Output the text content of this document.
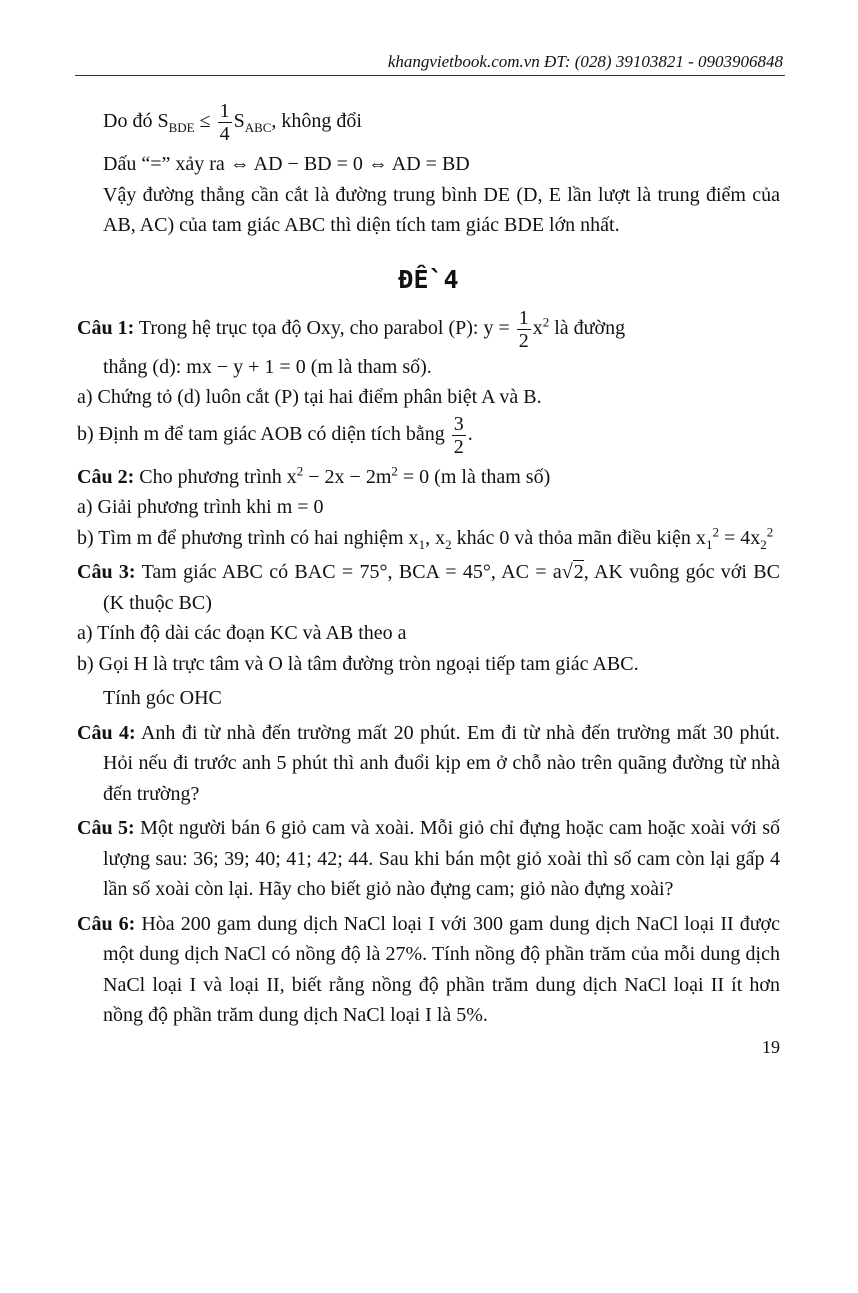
khangvietbook.com.vn ĐT: (028) 39103821 - 0903906848
Do đó $S_{BDE} \le \frac{1}{4} S_{ABC}$, không đổi
Dấu “=” xảy ra ⇔ AD − BD = 0 ⇔ AD = BD
Vậy đường thẳng cần cắt là đường trung bình DE (D, E lần lượt là trung điểm của AB, AC) của tam giác ABC thì diện tích tam giác BDE lớn nhất.
ĐỀ 4
Câu 1: Trong hệ trục tọa độ Oxy, cho parabol (P): $y = \frac{1}{2} x^2$ là đường
thẳng (d): mx − y + 1 = 0 (m là tham số).
a) Chứng tỏ (d) luôn cắt (P) tại hai điểm phân biệt A và B.
b) Định m để tam giác AOB có diện tích bằng $\frac{3}{2}$ .
Câu 2: Cho phương trình $x^2 - 2x - 2m^2 = 0$ (m là tham số)
a) Giải phương trình khi m = 0
b) Tìm m để phương trình có hai nghiệm $x_1$, $x_2$ khác 0 và thỏa mãn điều kiện $x_1^2 = 4x_2^2$
Câu 3: Tam giác ABC có BAC = 75°, BCA = 45°, AC = a√2, AK vuông góc với BC (K thuộc BC)
a) Tính độ dài các đoạn KC và AB theo a
b) Gọi H là trực tâm và O là tâm đường tròn ngoại tiếp tam giác ABC.
Tính góc OHC
Câu 4: Anh đi từ nhà đến trường mất 20 phút. Em đi từ nhà đến trường mất 30 phút. Hỏi nếu đi trước anh 5 phút thì anh đuổi kịp em ở chỗ nào trên quãng đường từ nhà đến trường?
Câu 5: Một người bán 6 giỏ cam và xoài. Mỗi giỏ chỉ đựng hoặc cam hoặc xoài với số lượng sau: 36; 39; 40; 41; 42; 44. Sau khi bán một giỏ xoài thì số cam còn lại gấp 4 lần số xoài còn lại. Hãy cho biết giỏ nào đựng cam; giỏ nào đựng xoài?
Câu 6: Hòa 200 gam dung dịch NaCl loại I với 300 gam dung dịch NaCl loại II được một dung dịch NaCl có nồng độ là 27%. Tính nồng độ phần trăm của mỗi dung dịch NaCl loại I và loại II, biết rằng nồng độ phần trăm dung dịch NaCl loại II ít hơn nồng độ phần trăm dung dịch NaCl loại I là 5%.
19
